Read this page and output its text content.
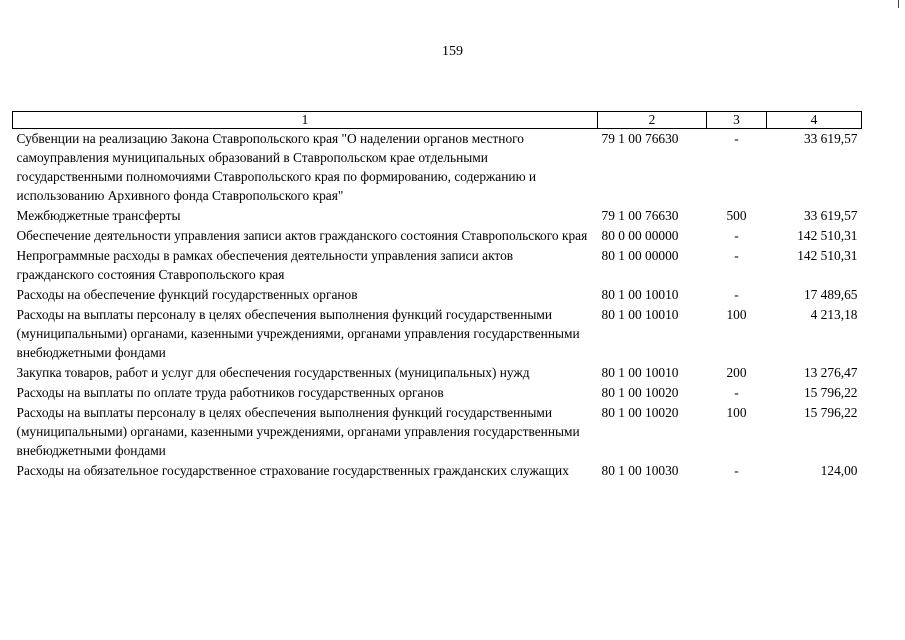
159
1	2	3	4
Субвенции на реализацию Закона Ставропольского края "О наделении органов местного самоуправления муниципальных образований в Ставропольском крае отдельными государственными полномочиями Ставропольского края по формированию, содержанию и использованию Архивного фонда Ставропольского края"	79 1 00 76630	-	33 619,57
Межбюджетные трансферты	79 1 00 76630	500	33 619,57
Обеспечение деятельности управления записи актов гражданского состояния Ставропольского края	80 0 00 00000	-	142 510,31
Непрограммные расходы в рамках обеспечения деятельности управления записи актов гражданского состояния Ставропольского края	80 1 00 00000	-	142 510,31
Расходы на обеспечение функций государственных органов	80 1 00 10010	-	17 489,65
Расходы на выплаты персоналу в целях обеспечения выполнения функций государственными (муниципальными) органами, казенными учреждениями, органами управления государственными внебюджетными фондами	80 1 00 10010	100	4 213,18
Закупка товаров, работ и услуг для обеспечения государственных (муниципальных) нужд	80 1 00 10010	200	13 276,47
Расходы на выплаты по оплате труда работников государственных органов	80 1 00 10020	-	15 796,22
Расходы на выплаты персоналу в целях обеспечения выполнения функций государственными (муниципальными) органами, казенными учреждениями, органами управления государственными внебюджетными фондами	80 1 00 10020	100	15 796,22
Расходы на обязательное государственное страхование государственных гражданских служащих	80 1 00 10030	-	124,00
